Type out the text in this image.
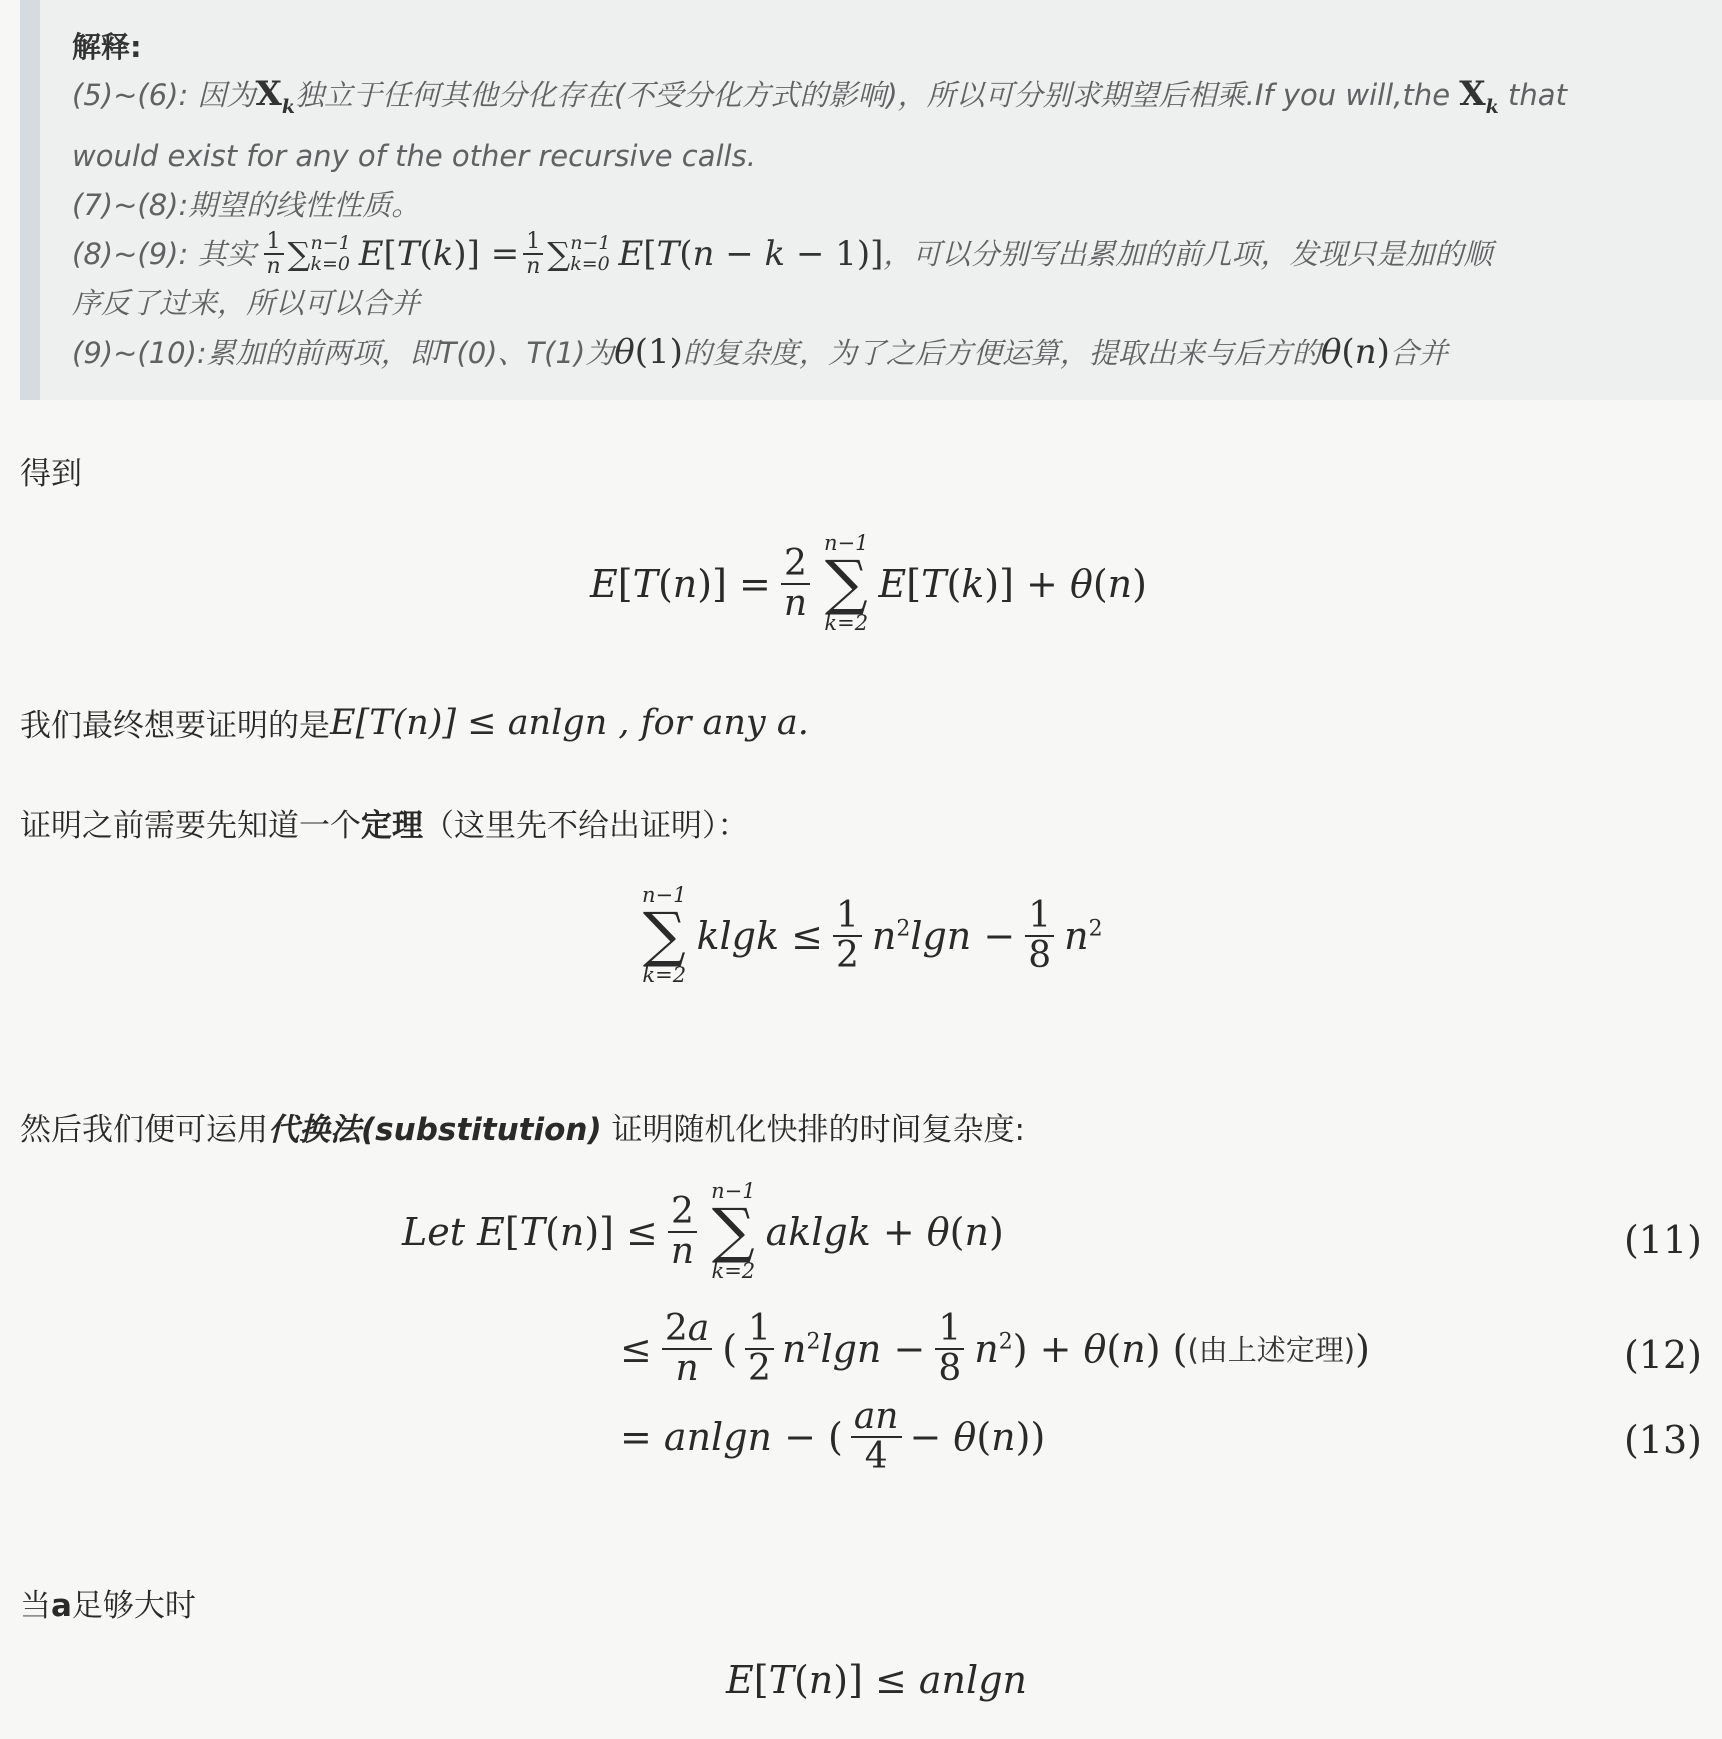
解释:
(5)~(6): 因为$X_k$独立于任何其他分化存在(不受分化方式的影响)，所以可分别求期望后相乘.If you will,the $X_k$ that
would exist for any of the other recursive calls.
(7)~(8):期望的线性性质。
(8)~(9): 其实 $\frac{1}{n}$ ∑ n−1
k=0 $E[T(k)] = \frac{1}{n}$ ∑ n−1
k=0 E[T(n − k − 1)] ，可以分别写出累加的前几项，发现只是加的顺
序反了过来，所以可以合并
(9)~(10):累加的前两项，即T(0)、T(1)为θ(1)的复杂度，为了之后方便运算，提取出来与后方的θ(n)合并
得到
$E[T(n)] = \frac{2}{n}$
n−1
∑
k=2
E[T(k)] + θ(n)
我们最终想要证明的是 E[T(n)] ≤ anlgn , for any a.
证明之前需要先知道一个定理（这里先不给出证明）：
n−1
∑
k=2
$klgk \le \frac{1}{2} n^2\lg n - \frac{1}{8} n^2$
然后我们便可运用代换法(substitution) 证明随机化快排的时间复杂度:
Let $E[T(n)] \le \frac{2}{n}$
n−1
∑
k=2
aklgk + θ(n)	(11)
≤ $\frac{2a}{n}$ ( $\frac{1}{2} n^2\lg n - \frac{1}{8} n^2) + \theta(n)$ ( (由上述定理) )	(12)
= anlgn − ( $\frac{an}{4} - \theta(n)$)	(13)
当a足够大时
E[T(n)] ≤ anlgn
